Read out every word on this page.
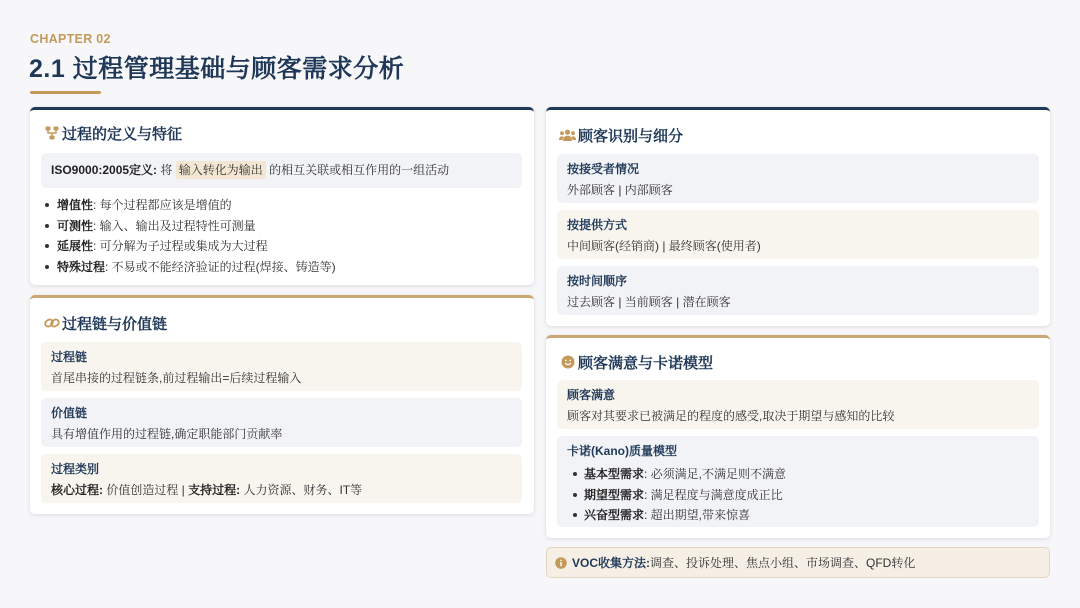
CHAPTER 02
2.1 过程管理基础与顾客需求分析
过程的定义与特征
ISO9000:2005定义: 将 输入转化为输出 的相互关联或相互作用的一组活动
增值性: 每个过程都应该是增值的
可测性: 输入、输出及过程特性可测量
延展性: 可分解为子过程或集成为大过程
特殊过程: 不易或不能经济验证的过程(焊接、铸造等)
过程链与价值链
过程链
首尾串接的过程链条,前过程输出=后续过程输入
价值链
具有增值作用的过程链,确定职能部门贡献率
过程类别
核心过程: 价值创造过程 | 支持过程: 人力资源、财务、IT等
顾客识别与细分
按接受者情况
外部顾客 | 内部顾客
按提供方式
中间顾客(经销商) | 最终顾客(使用者)
按时间顺序
过去顾客 | 当前顾客 | 潜在顾客
顾客满意与卡诺模型
顾客满意
顾客对其要求已被满足的程度的感受,取决于期望与感知的比较
卡诺(Kano)质量模型
基本型需求: 必须满足,不满足则不满意
期望型需求: 满足程度与满意度成正比
兴奋型需求: 超出期望,带来惊喜
VOC收集方法: 调查、投诉处理、焦点小组、市场调查、QFD转化
